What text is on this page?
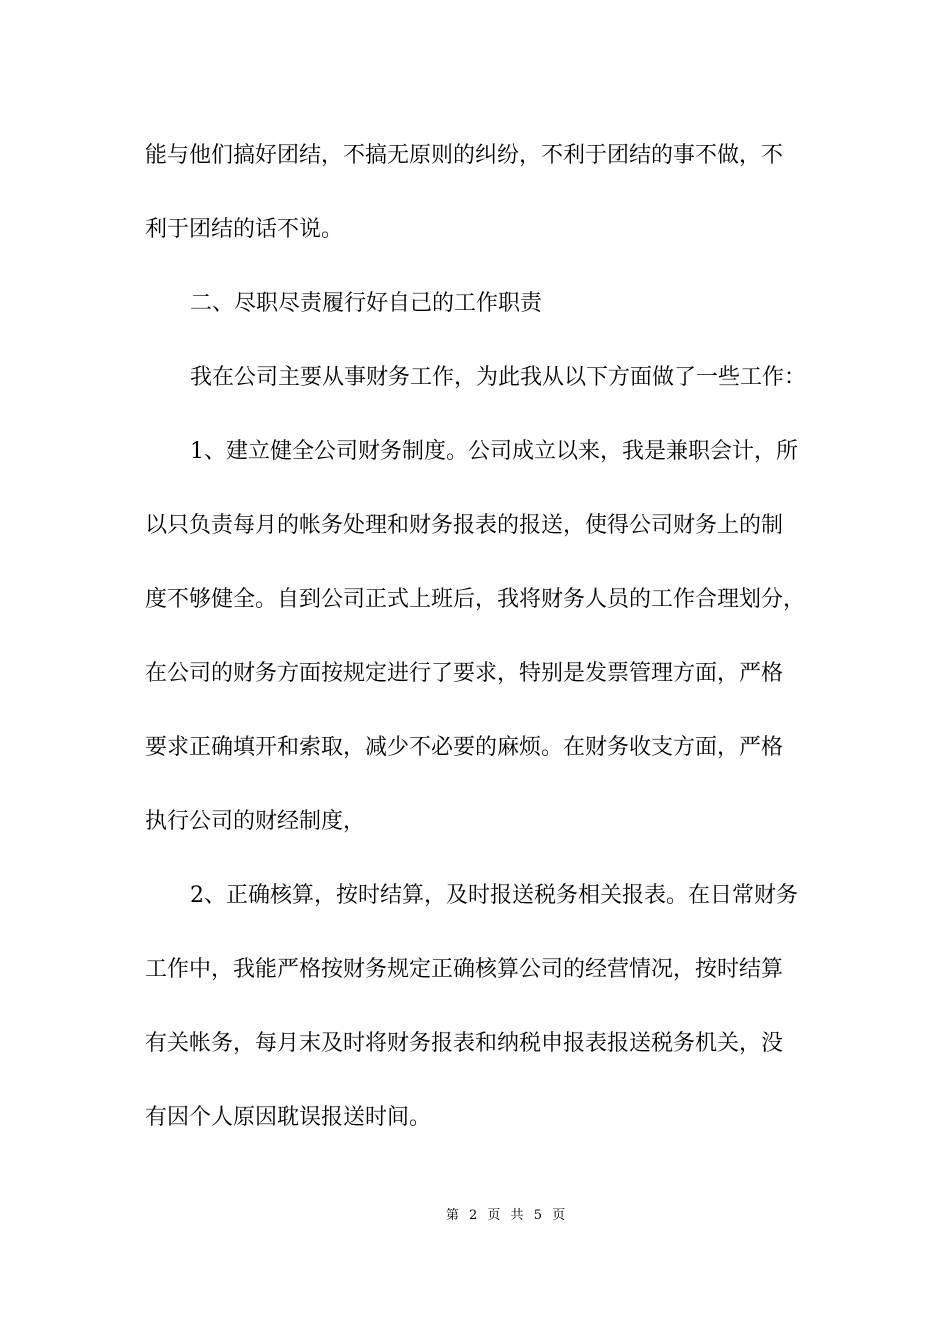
能与他们搞好团结，不搞无原则的纠纷，不利于团结的事不做，不
利于团结的话不说。
二、尽职尽责履行好自己的工作职责
我在公司主要从事财务工作，为此我从以下方面做了一些工作：
1、建立健全公司财务制度。公司成立以来，我是兼职会计，所
以只负责每月的帐务处理和财务报表的报送，使得公司财务上的制
度不够健全。自到公司正式上班后，我将财务人员的工作合理划分，
在公司的财务方面按规定进行了要求，特别是发票管理方面，严格
要求正确填开和索取，减少不必要的麻烦。在财务收支方面，严格
执行公司的财经制度，
2、正确核算，按时结算，及时报送税务相关报表。在日常财务
工作中，我能严格按财务规定正确核算公司的经营情况，按时结算
有关帐务，每月末及时将财务报表和纳税申报表报送税务机关，没
有因个人原因耽误报送时间。
第 2 页 共 5 页
